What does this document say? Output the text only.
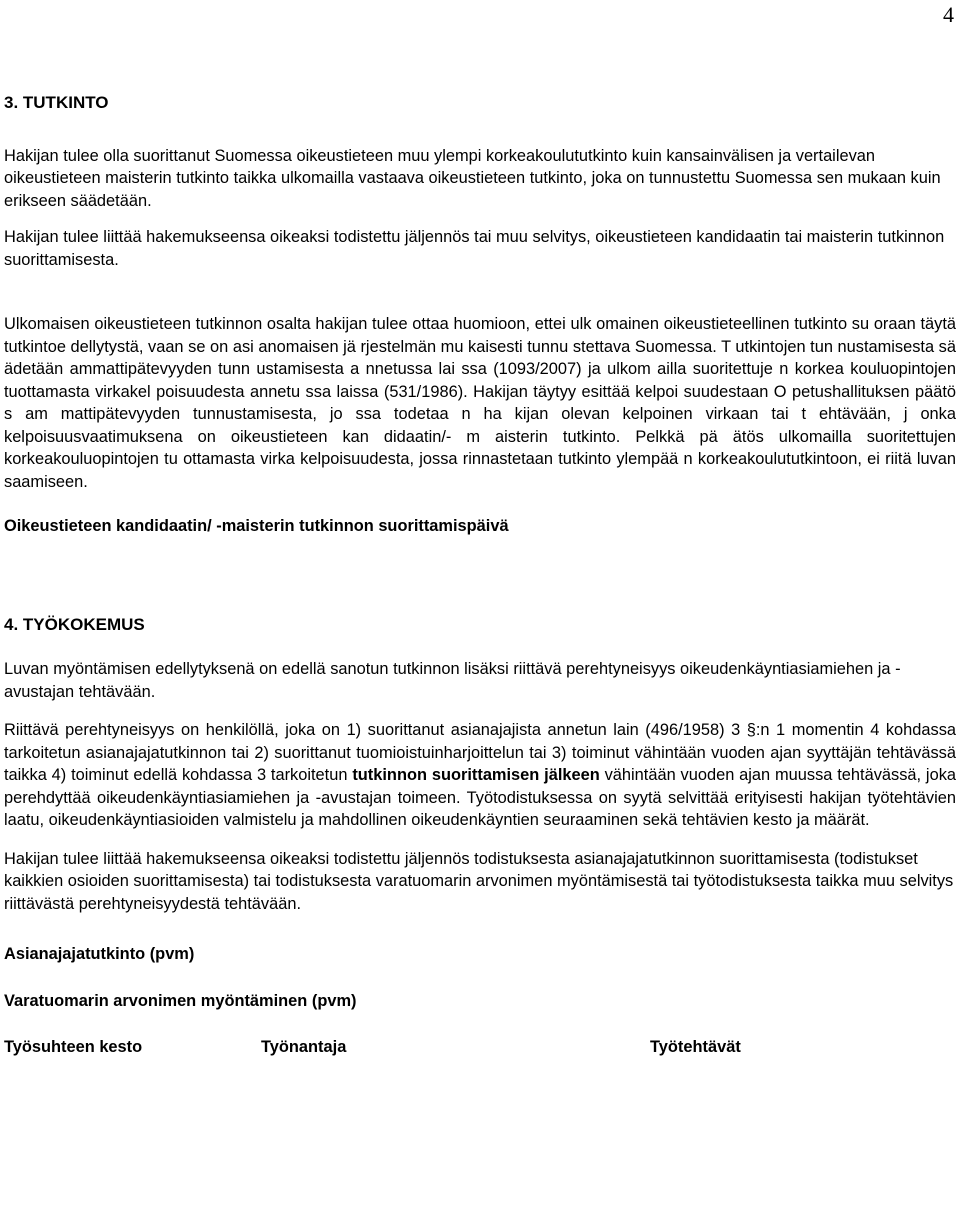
4

3. TUTKINTO

Hakijan tulee olla suorittanut Suomessa oikeustieteen muu ylempi korkeakoulututkinto kuin kansainvälisen ja vertailevan oikeustieteen maisterin tutkinto taikka ulkomailla vastaava oikeustieteen tutkinto, joka on tunnustettu Suomessa sen mukaan kuin erikseen säädetään.

Hakijan tulee liittää hakemukseensa oikeaksi todistettu jäljennös tai muu selvitys, oikeustieteen kandidaatin tai maisterin tutkinnon suorittamisesta.

Ulkomaisen oikeustieteen tutkinnon osalta hakijan tulee ottaa huomioon, ettei ulk omainen oikeustieteellinen tutkinto su oraan täytä tutkintoe dellytystä, vaan se on asi anomaisen jä rjestelmän mu kaisesti tunnu stettava Suomessa. T utkintojen tun nustamisesta sä ädetään ammattipätevyyden tunn ustamisesta a nnetussa lai ssa (1093/2007) ja ulkom ailla suoritettuje n korkea kouluopintojen tuottamasta virkakel poisuudesta annetu ssa laissa (531/1986). Hakijan täytyy esittää kelpoi suudestaan O petushallituksen päätö s am mattipätevyyden tunnustamisesta, jo ssa todetaa n ha kijan olevan kelpoinen virkaan tai t ehtävään, j onka kelpoisuusvaatimuksena on oikeustieteen kan didaatin/- m aisterin tutkinto. Pelkkä pä ätös ulkomailla suoritettujen korkeakouluopintojen tu ottamasta virka kelpoisuudesta, jossa rinnastetaan tutkinto ylempää n korkeakoulututkintoon, ei riitä luvan saamiseen.

Oikeustieteen kandidaatin/ -maisterin tutkinnon suorittamispäivä

4. TYÖKOKEMUS

Luvan myöntämisen edellytyksenä on edellä sanotun tutkinnon lisäksi riittävä perehtyneisyys oikeudenkäyntiasiamiehen ja -avustajan tehtävään.

Riittävä perehtyneisyys on henkilöllä, joka on 1) suorittanut asianajajista annetun lain (496/1958) 3 §:n 1 momentin 4 kohdassa tarkoitetun asianajajatutkinnon tai 2) suorittanut tuomioistuinharjoittelun tai 3) toiminut vähintään vuoden ajan syyttäjän tehtävässä taikka 4) toiminut edellä kohdassa 3 tarkoitetun tutkinnon suorittamisen jälkeen vähintään vuoden ajan muussa tehtävässä, joka perehdyttää oikeudenkäyntiasiamiehen ja -avustajan toimeen. Työtodistuksessa on syytä selvittää erityisesti hakijan työtehtävien laatu, oikeudenkäyntiasioiden valmistelu ja mahdollinen oikeudenkäyntien seuraaminen sekä tehtävien kesto ja määrät.

Hakijan tulee liittää hakemukseensa oikeaksi todistettu jäljennös todistuksesta asianajajatutkinnon suorittamisesta (todistukset kaikkien osioiden suorittamisesta) tai todistuksesta varatuomarin arvonimen myöntämisestä tai työtodistuksesta taikka muu selvitys riittävästä perehtyneisyydestä tehtävään.

Asianajajatutkinto (pvm)

Varatuomarin arvonimen myöntäminen (pvm)

Työsuhteen kesto	Työnantaja	Työtehtävät
